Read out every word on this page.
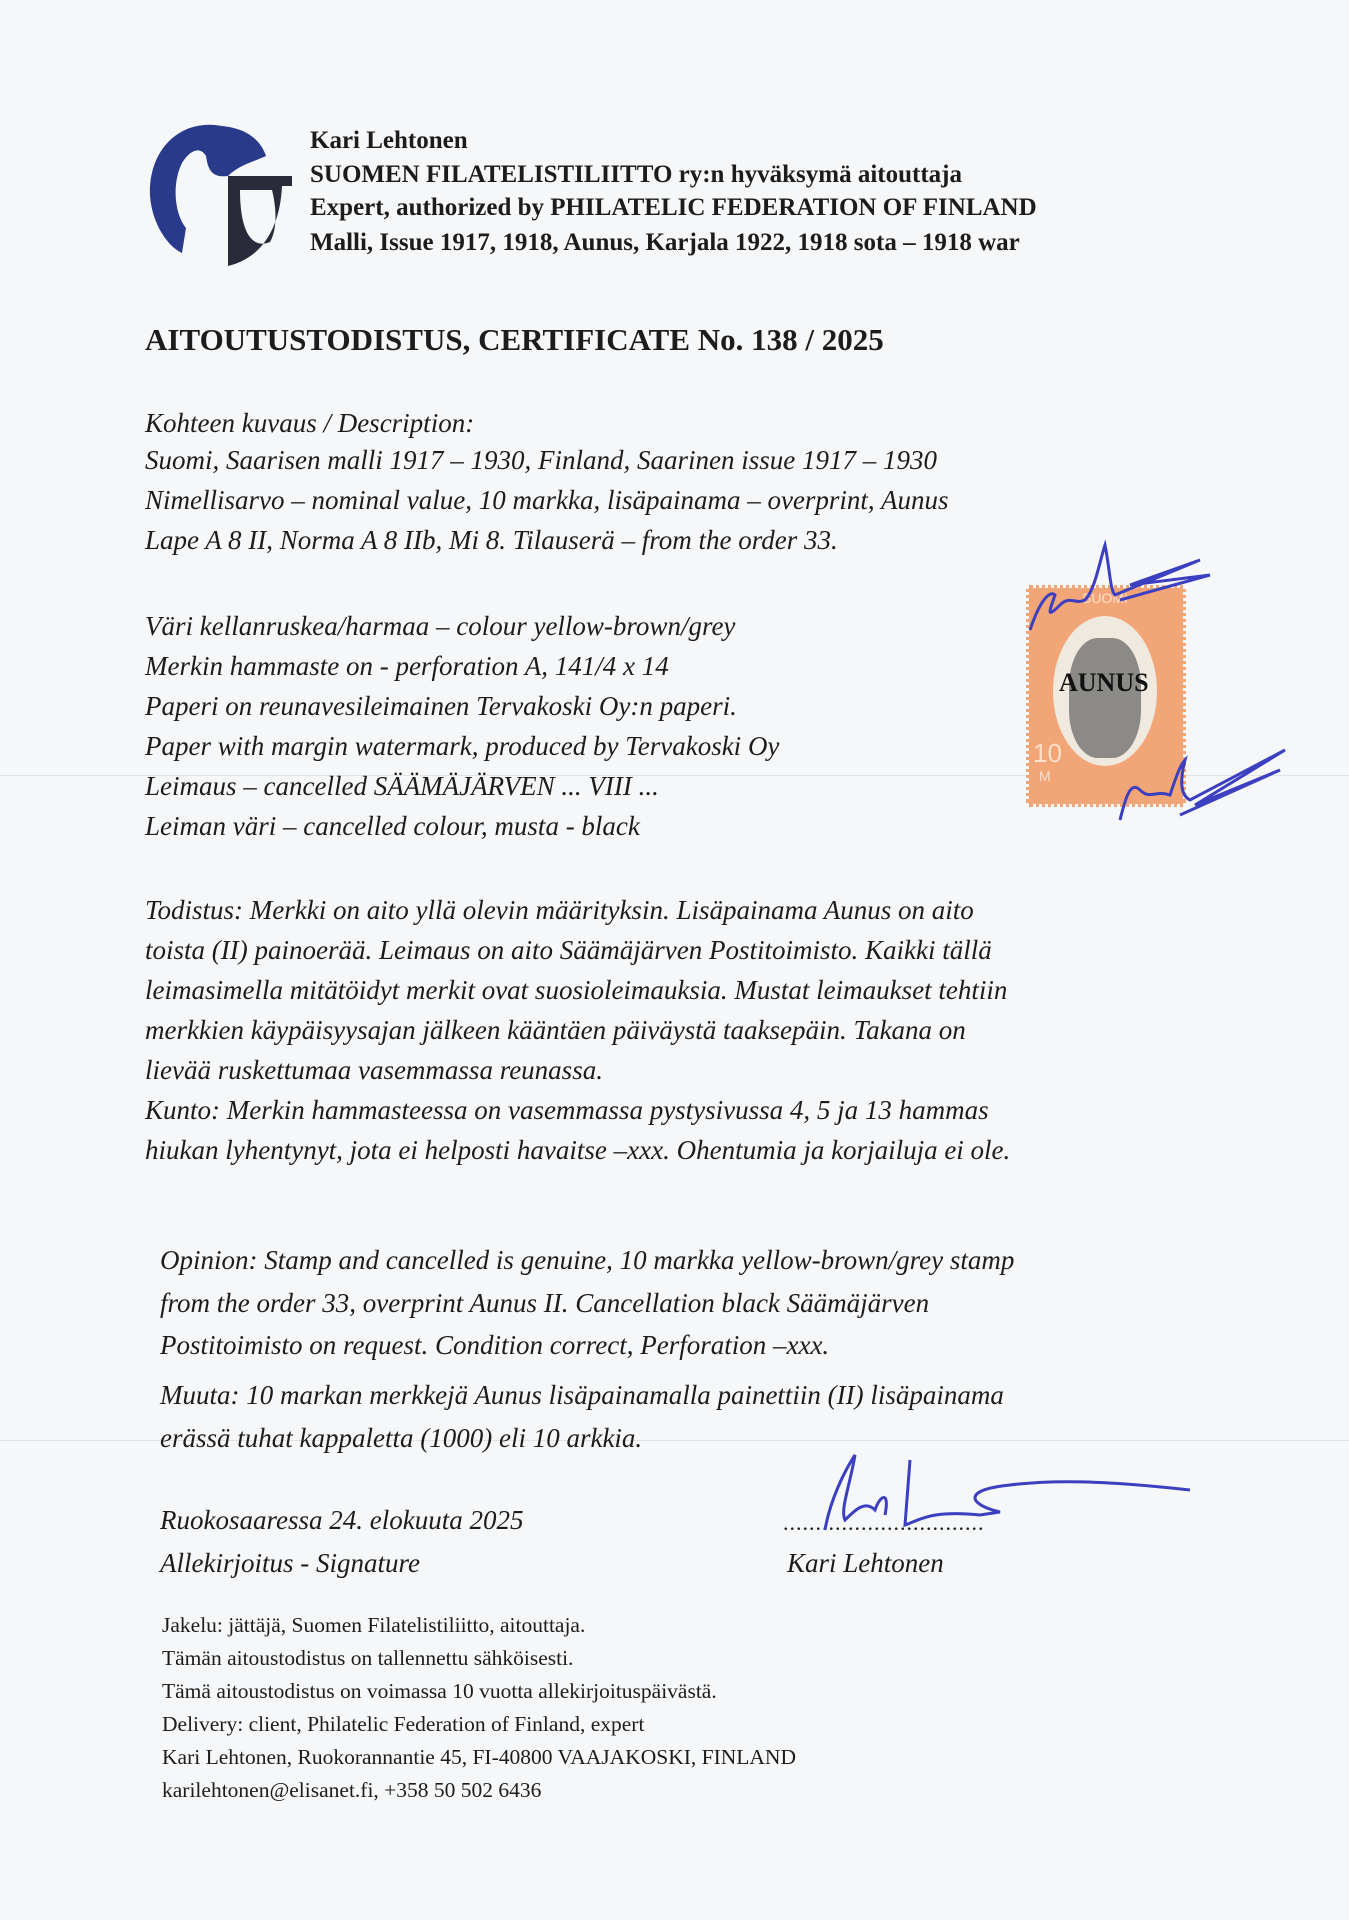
Kari Lehtonen
SUOMEN FILATELISTILIITTO ry:n hyväksymä aitouttaja
Expert, authorized by PHILATELIC FEDERATION OF FINLAND
Malli, Issue 1917, 1918, Aunus, Karjala 1922, 1918 sota – 1918 war
AITOUTUSTODISTUS, CERTIFICATE No. 138 / 2025
Kohteen kuvaus / Description:
Suomi, Saarisen malli 1917 – 1930, Finland, Saarinen issue 1917 – 1930
Nimellisarvo – nominal value, 10 markka, lisäpainama – overprint, Aunus
Lape A 8 II, Norma A 8 IIb, Mi 8. Tilauserä – from the order 33.
Väri kellanruskea/harmaa – colour yellow-brown/grey
Merkin hammaste on - perforation A, 141/4 x 14
Paperi on reunavesileimainen Tervakoski Oy:n paperi.
Paper with margin watermark, produced by Tervakoski Oy
Leimaus – cancelled SÄÄMÄJÄRVEN ... VIII ...
Leiman väri – cancelled colour, musta - black
SUOMI
AUNUS
10
M
Todistus: Merkki on aito yllä olevin määrityksin. Lisäpainama Aunus on aito
toista (II) painoerää. Leimaus on aito Säämäjärven Postitoimisto. Kaikki tällä
leimasimella mitätöidyt merkit ovat suosioleimauksia. Mustat leimaukset tehtiin
merkkien käypäisyysajan jälkeen kääntäen päiväystä taaksepäin. Takana on
lievää ruskettumaa vasemmassa reunassa.
Kunto: Merkin hammasteessa on vasemmassa pystysivussa 4, 5 ja 13 hammas
hiukan lyhentynyt, jota ei helposti havaitse –xxx. Ohentumia ja korjailuja ei ole.
Opinion: Stamp and cancelled is genuine, 10 markka yellow-brown/grey stamp
from the order 33, overprint Aunus II. Cancellation black Säämäjärven
Postitoimisto on request. Condition correct, Perforation –xxx.
Muuta: 10 markan merkkejä Aunus lisäpainamalla painettiin (II) lisäpainama
erässä tuhat kappaletta (1000) eli 10 arkkia.
Ruokosaaressa 24. elokuuta 2025
Allekirjoitus - Signature
...............................
Kari Lehtonen
Jakelu: jättäjä, Suomen Filatelistiliitto, aitouttaja.
Tämän aitoustodistus on tallennettu sähköisesti.
Tämä aitoustodistus on voimassa 10 vuotta allekirjoituspäivästä.
Delivery: client, Philatelic Federation of Finland, expert
Kari Lehtonen, Ruokorannantie 45, FI-40800 VAAJAKOSKI, FINLAND
karilehtonen@elisanet.fi, +358 50 502 6436
